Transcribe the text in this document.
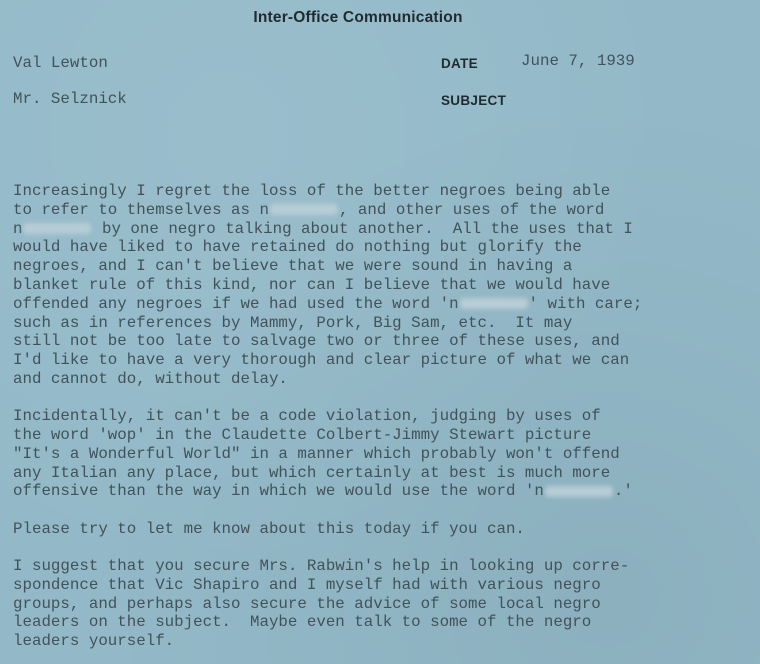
Inter-Office Communication
Val Lewton
Mr. Selznick
DATE	June 7, 1939
SUBJECT
Increasingly I regret the loss of the better negroes being able
to refer to themselves as n	, and other uses of the word
n	by one negro talking about another.  All the uses that I
would have liked to have retained do nothing but glorify the
negroes, and I can't believe that we were sound in having a
blanket rule of this kind, nor can I believe that we would have
offended any negroes if we had used the word 'n	' with care;
such as in references by Mammy, Pork, Big Sam, etc.  It may
still not be too late to salvage two or three of these uses, and
I'd like to have a very thorough and clear picture of what we can
and cannot do, without delay.
Incidentally, it can't be a code violation, judging by uses of
the word 'wop' in the Claudette Colbert-Jimmy Stewart picture
"It's a Wonderful World" in a manner which probably won't offend
any Italian any place, but which certainly at best is much more
offensive than the way in which we would use the word 'n	.'
Please try to let me know about this today if you can.
I suggest that you secure Mrs. Rabwin's help in looking up corre-
spondence that Vic Shapiro and I myself had with various negro
groups, and perhaps also secure the advice of some local negro
leaders on the subject.  Maybe even talk to some of the negro
leaders yourself.
